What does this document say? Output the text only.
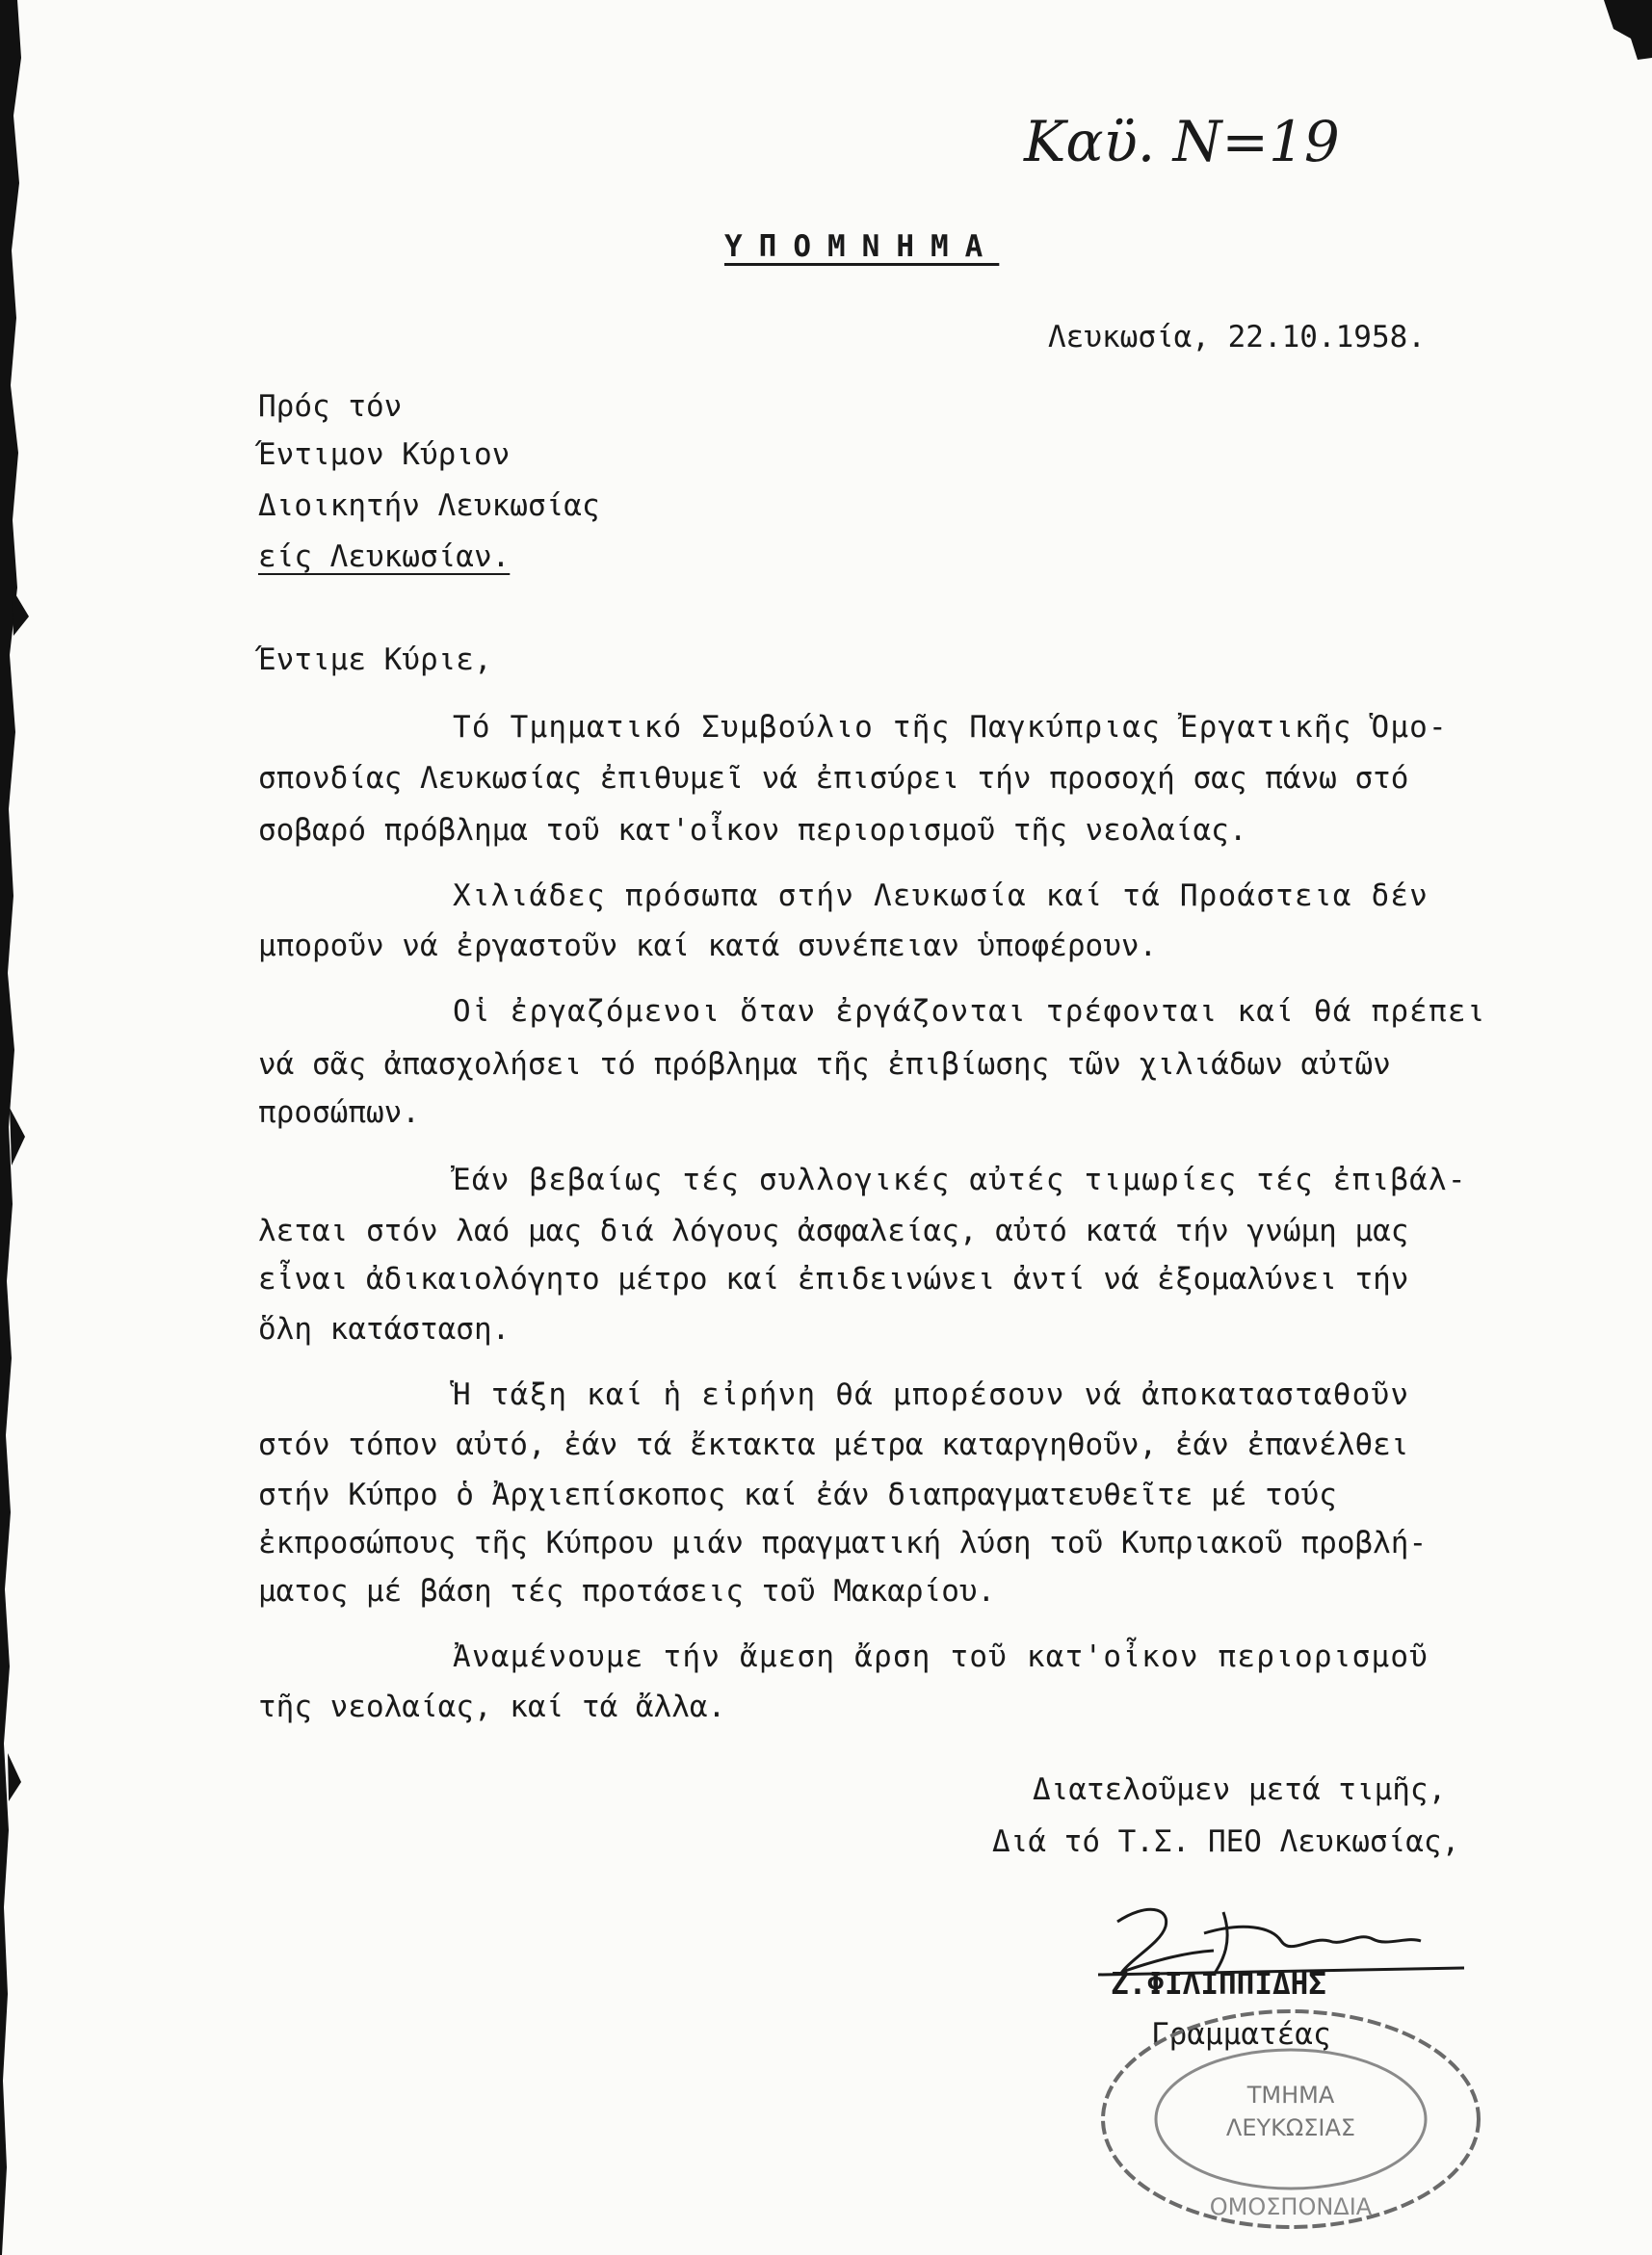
Καϋ. Ν=19
ΥΠΟΜΝΗΜΑ
Λευκωσία, 22.10.1958.
Πρός τόν
Έντιμον Κύριον
Διοικητήν Λευκωσίας
είς Λευκωσίαν.
Έντιμε Κύριε,
Τό Τμηματικό Συμβούλιο τῆς Παγκύπριας Ἐργατικῆς Ὁμο-
σπονδίας Λευκωσίας ἐπιθυμεῖ νά ἐπισύρει τήν προσοχή σας πάνω στό
σοβαρό πρόβλημα τοῦ κατ'οἶκον περιορισμοῦ τῆς νεολαίας.
Χιλιάδες πρόσωπα στήν Λευκωσία καί τά Προάστεια δέν
μποροῦν νά ἐργαστοῦν καί κατά συνέπειαν ὑποφέρουν.
Οἱ ἐργαζόμενοι ὅταν ἐργάζονται τρέφονται καί θά πρέπει
νά σᾶς ἀπασχολήσει τό πρόβλημα τῆς ἐπιβίωσης τῶν χιλιάδων αὐτῶν
προσώπων.
Ἐάν βεβαίως τές συλλογικές αὐτές τιμωρίες τές ἐπιβάλ-
λεται στόν λαό μας διά λόγους ἀσφαλείας, αὐτό κατά τήν γνώμη μας
εἶναι ἀδικαιολόγητο μέτρο καί ἐπιδεινώνει ἀντί νά ἐξομαλύνει τήν
ὅλη κατάσταση.
Ἡ τάξη καί ἡ εἰρήνη θά μπορέσουν νά ἀποκατασταθοῦν
στόν τόπον αὐτό, ἐάν τά ἔκτακτα μέτρα καταργηθοῦν, ἐάν ἐπανέλθει
στήν Κύπρο ὁ Ἀρχιεπίσκοπος καί ἐάν διαπραγματευθεῖτε μέ τούς
ἐκπροσώπους τῆς Κύπρου μιάν πραγματική λύση τοῦ Κυπριακοῦ προβλή-
ματος μέ βάση τές προτάσεις τοῦ Μακαρίου.
Ἀναμένουμε τήν ἄμεση ἄρση τοῦ κατ'οἶκον περιορισμοῦ
τῆς νεολαίας, καί τά ἄλλα.
Διατελοῦμεν μετά τιμῆς,
Διά τό Τ.Σ. ΠΕΟ Λευκωσίας,
Ζ.ΦΙΛΙΠΠΙΔΗΣ
Γραμματέας
ΤΜΗΜΑ
ΛΕΥΚΩΣΙΑΣ
ΟΜΟΣΠΟΝΔΙΑ
